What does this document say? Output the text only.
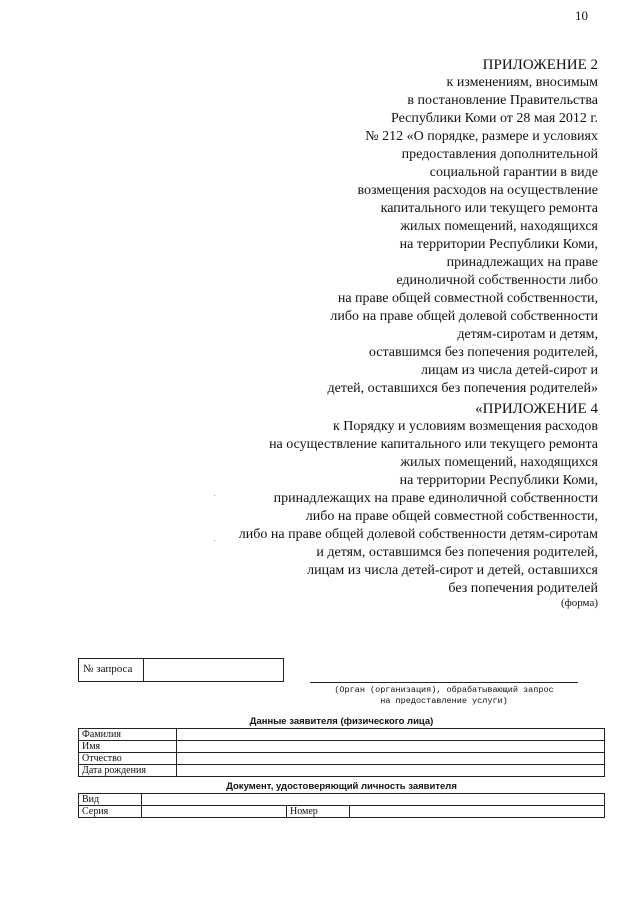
10
ПРИЛОЖЕНИЕ 2
к изменениям, вносимым
в постановление Правительства
Республики Коми от 28 мая 2012 г.
№ 212 «О порядке, размере и условиях
предоставления дополнительной
социальной гарантии в виде
возмещения расходов на осуществление
капитального или текущего ремонта
жилых помещений, находящихся
на территории Республики Коми,
принадлежащих на праве
единоличной собственности либо
на праве общей совместной собственности,
либо на праве общей долевой собственности
детям-сиротам и детям,
оставшимся без попечения родителей,
лицам из числа детей-сирот и
детей, оставшихся без попечения родителей»
«ПРИЛОЖЕНИЕ 4
к Порядку и условиям возмещения расходов
на осуществление капитального или текущего ремонта
жилых помещений, находящихся
на территории Республики Коми,
принадлежащих на праве единоличной собственности
либо на праве общей совместной собственности,
либо на праве общей долевой собственности детям-сиротам
и детям, оставшимся без попечения родителей,
лицам из числа детей-сирот и детей, оставшихся
без попечения родителей
(форма)
№ запроса
(Орган (организация), обрабатывающий запрос
на предоставление услуги)
Данные заявителя (физического лица)
Фамилия	
Имя	
Отчество	
Дата рождения	
Документ, удостоверяющий личность заявителя
Вид			
Серия		Номер	
